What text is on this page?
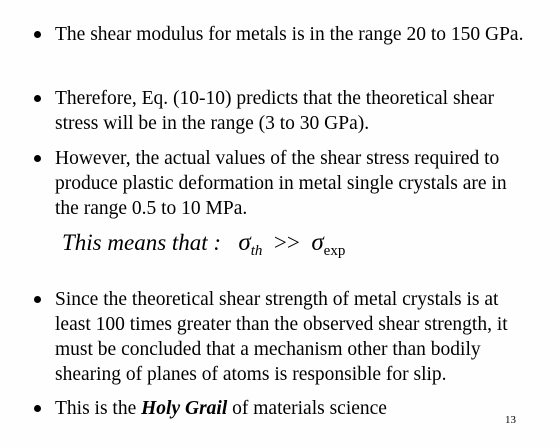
The shear modulus for metals is in the range 20 to 150 GPa.
Therefore, Eq. (10-10) predicts that the theoretical shear stress will be in the range (3 to 30 GPa).
However, the actual values of the shear stress required to produce plastic deformation in metal single crystals are in the range 0.5 to 10 MPa.
This means that : $\sigma_{th} >> \sigma_{exp}$
Since the theoretical shear strength of metal crystals is at least 100 times greater than the observed shear strength, it must be concluded that a mechanism other than bodily shearing of planes of atoms is responsible for slip.
This is the Holy Grail of materials science
13
